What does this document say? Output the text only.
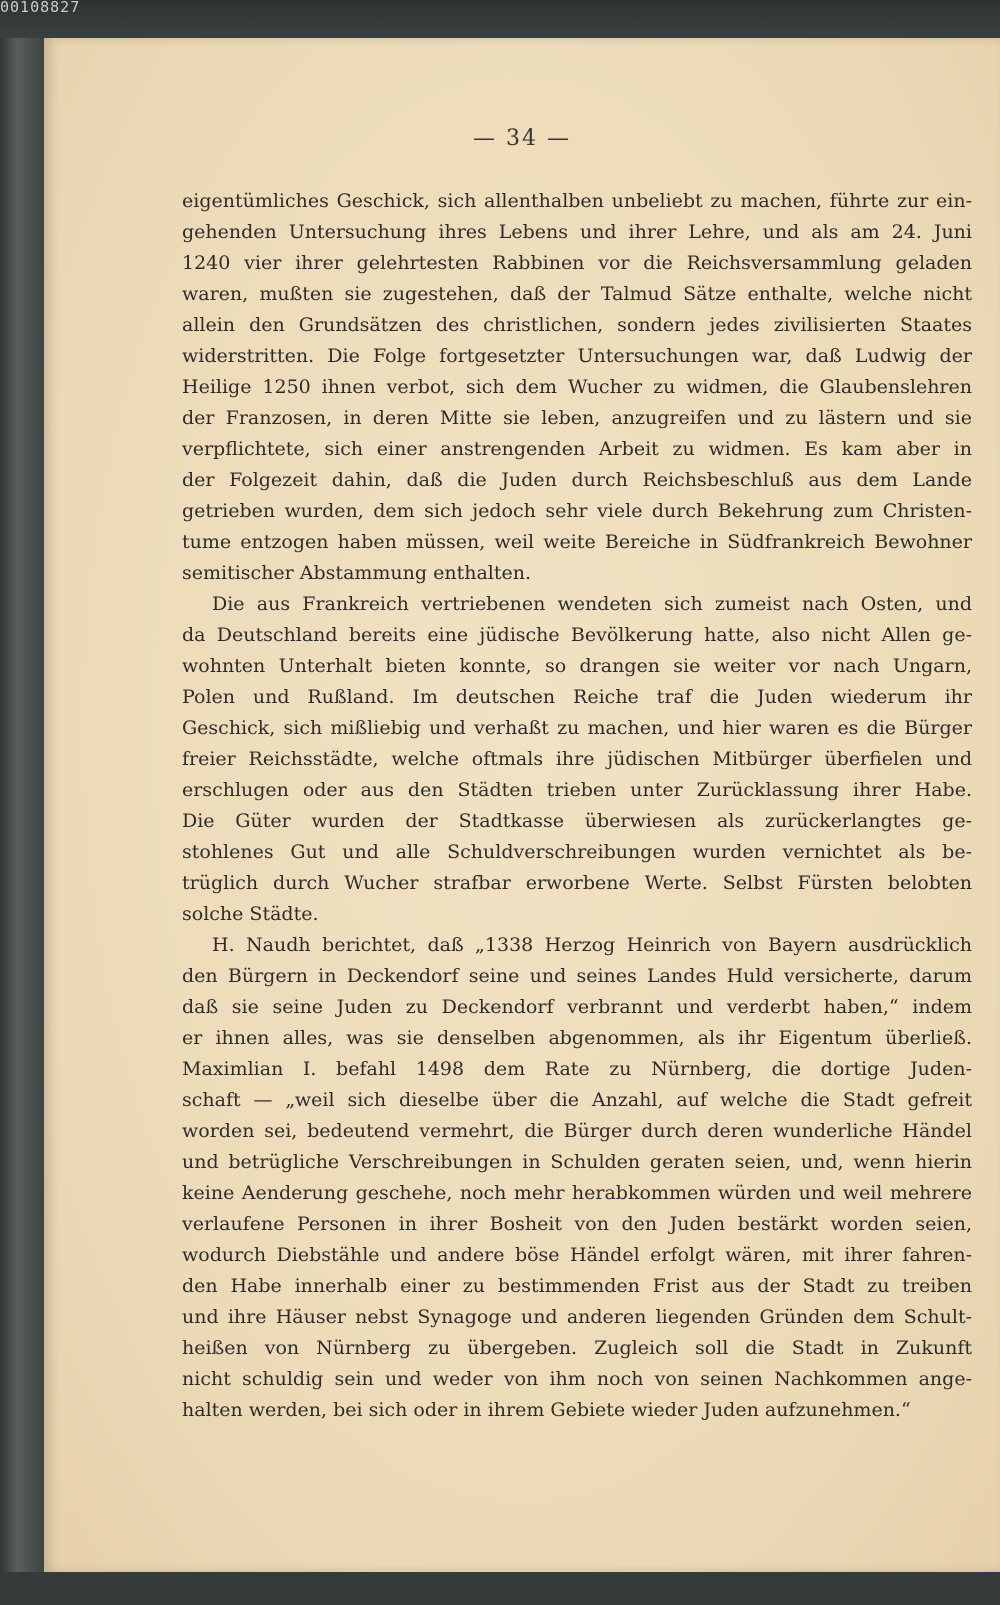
00108827
— 34 —
eigentümliches Geschick, sich allenthalben unbeliebt zu machen, führte zur ein-
gehenden Untersuchung ihres Lebens und ihrer Lehre, und als am 24. Juni
1240 vier ihrer gelehrtesten Rabbinen vor die Reichsversammlung geladen
waren, mußten sie zugestehen, daß der Talmud Sätze enthalte, welche nicht
allein den Grundsätzen des christlichen, sondern jedes zivilisierten Staates
widerstritten. Die Folge fortgesetzter Untersuchungen war, daß Ludwig der
Heilige 1250 ihnen verbot, sich dem Wucher zu widmen, die Glaubenslehren
der Franzosen, in deren Mitte sie leben, anzugreifen und zu lästern und sie
verpflichtete, sich einer anstrengenden Arbeit zu widmen. Es kam aber in
der Folgezeit dahin, daß die Juden durch Reichsbeschluß aus dem Lande
getrieben wurden, dem sich jedoch sehr viele durch Bekehrung zum Christen-
tume entzogen haben müssen, weil weite Bereiche in Südfrankreich Bewohner
semitischer Abstammung enthalten.
Die aus Frankreich vertriebenen wendeten sich zumeist nach Osten, und
da Deutschland bereits eine jüdische Bevölkerung hatte, also nicht Allen ge-
wohnten Unterhalt bieten konnte, so drangen sie weiter vor nach Ungarn,
Polen und Rußland. Im deutschen Reiche traf die Juden wiederum ihr
Geschick, sich mißliebig und verhaßt zu machen, und hier waren es die Bürger
freier Reichsstädte, welche oftmals ihre jüdischen Mitbürger überfielen und
erschlugen oder aus den Städten trieben unter Zurücklassung ihrer Habe.
Die Güter wurden der Stadtkasse überwiesen als zurückerlangtes ge-
stohlenes Gut und alle Schuldverschreibungen wurden vernichtet als be-
trüglich durch Wucher strafbar erworbene Werte. Selbst Fürsten belobten
solche Städte.
H. Naudh berichtet, daß „1338 Herzog Heinrich von Bayern ausdrücklich
den Bürgern in Deckendorf seine und seines Landes Huld versicherte, darum
daß sie seine Juden zu Deckendorf verbrannt und verderbt haben,“ indem
er ihnen alles, was sie denselben abgenommen, als ihr Eigentum überließ.
Maximlian I. befahl 1498 dem Rate zu Nürnberg, die dortige Juden-
schaft — „weil sich dieselbe über die Anzahl, auf welche die Stadt gefreit
worden sei, bedeutend vermehrt, die Bürger durch deren wunderliche Händel
und betrügliche Verschreibungen in Schulden geraten seien, und, wenn hierin
keine Aenderung geschehe, noch mehr herabkommen würden und weil mehrere
verlaufene Personen in ihrer Bosheit von den Juden bestärkt worden seien,
wodurch Diebstähle und andere böse Händel erfolgt wären, mit ihrer fahren-
den Habe innerhalb einer zu bestimmenden Frist aus der Stadt zu treiben
und ihre Häuser nebst Synagoge und anderen liegenden Gründen dem Schult-
heißen von Nürnberg zu übergeben. Zugleich soll die Stadt in Zukunft
nicht schuldig sein und weder von ihm noch von seinen Nachkommen ange-
halten werden, bei sich oder in ihrem Gebiete wieder Juden aufzunehmen.“
